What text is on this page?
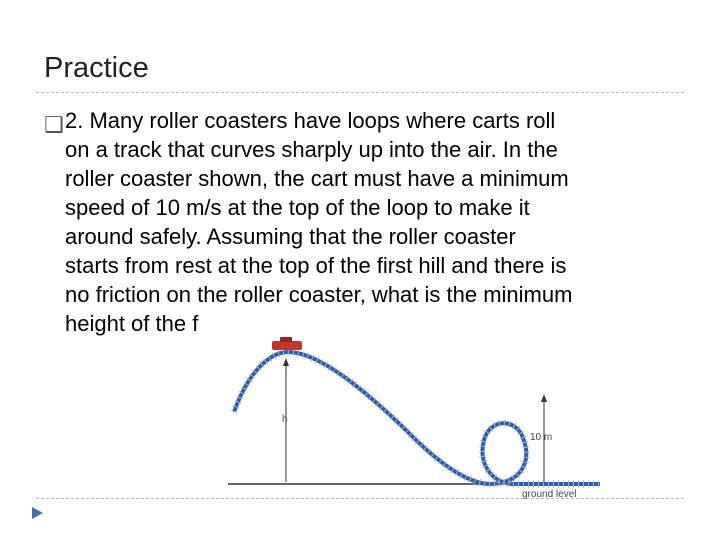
Practice
❑ 2. Many roller coasters have loops where carts roll
on a track that curves sharply up into the air. In the
roller coaster shown, the cart must have a minimum
speed of 10 m/s at the top of the loop to make it
around safely. Assuming that the roller coaster
starts from rest at the top of the first hill and there is
no friction on the roller coaster, what is the minimum
height of the f
h
10 m
ground level
